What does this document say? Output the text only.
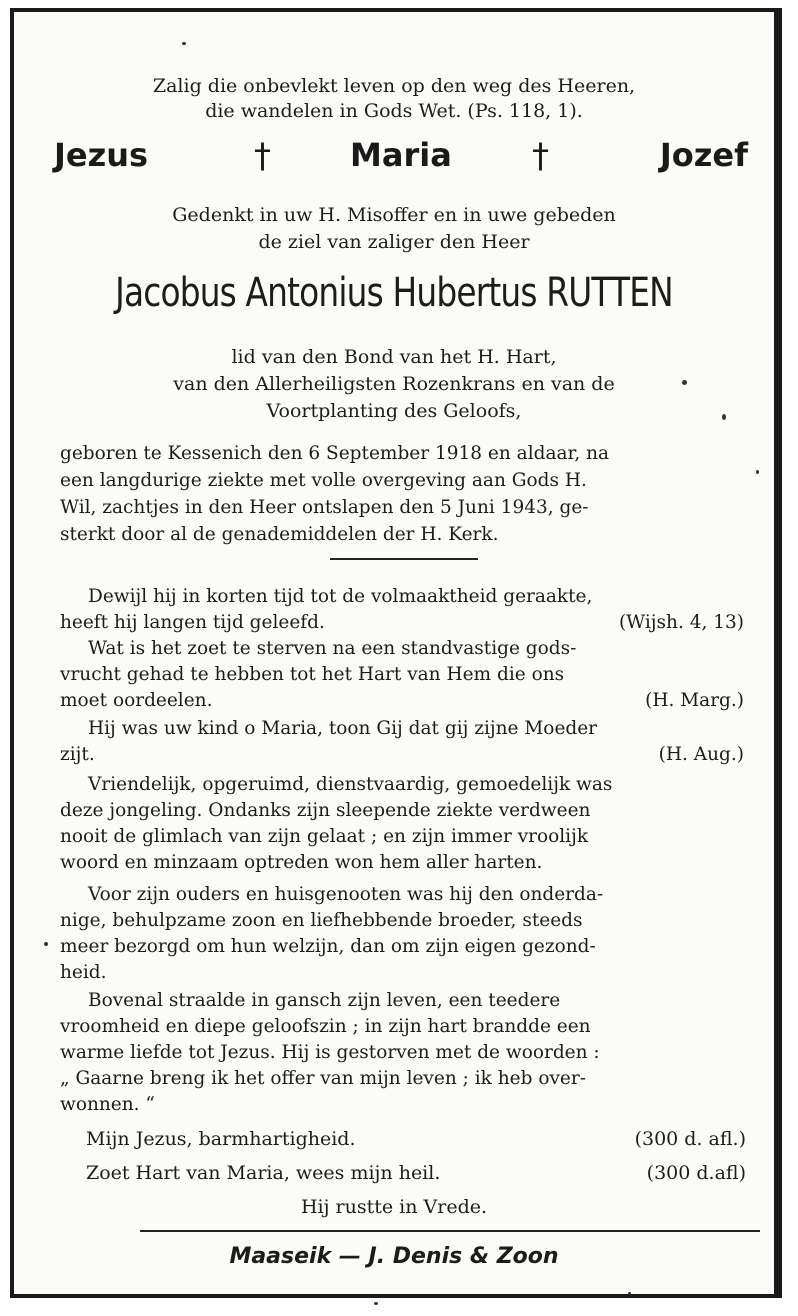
Zalig die onbevlekt leven op den weg des Heeren,
die wandelen in Gods Wet. (Ps. 118, 1).
Jezus	† Maria †	Jozef
Gedenkt in uw H. Misoffer en in uwe gebeden
de ziel van zaliger den Heer
Jacobus Antonius Hubertus RUTTEN
lid van den Bond van het H. Hart,
van den Allerheiligsten Rozenkrans en van de
Voortplanting des Geloofs,
geboren te Kessenich den 6 September 1918 en aldaar, na
een langdurige ziekte met volle overgeving aan Gods H.
Wil, zachtjes in den Heer ontslapen den 5 Juni 1943, ge-
sterkt door al de genademiddelen der H. Kerk.
Dewijl hij in korten tijd tot de volmaaktheid geraakte,
heeft hij langen tijd geleefd.	(Wijsh. 4, 13)
Wat is het zoet te sterven na een standvastige gods-
vrucht gehad te hebben tot het Hart van Hem die ons
moet oordeelen.	(H. Marg.)
Hij was uw kind o Maria, toon Gij dat gij zijne Moeder
zijt.	(H. Aug.)
Vriendelijk, opgeruimd, dienstvaardig, gemoedelijk was
deze jongeling. Ondanks zijn sleepende ziekte verdween
nooit de glimlach van zijn gelaat ; en zijn immer vroolijk
woord en minzaam optreden won hem aller harten.
Voor zijn ouders en huisgenooten was hij den onderda-
nige, behulpzame zoon en liefhebbende broeder, steeds
meer bezorgd om hun welzijn, dan om zijn eigen gezond-
heid.
Bovenal straalde in gansch zijn leven, een teedere
vroomheid en diepe geloofszin ; in zijn hart brandde een
warme liefde tot Jezus. Hij is gestorven met de woorden :
„ Gaarne breng ik het offer van mijn leven ; ik heb over-
wonnen. “
Mijn Jezus, barmhartigheid.	(300 d. afl.)
Zoet Hart van Maria, wees mijn heil.	(300 d.afl)
Hij rustte in Vrede.
Maaseik — J. Denis & Zoon
